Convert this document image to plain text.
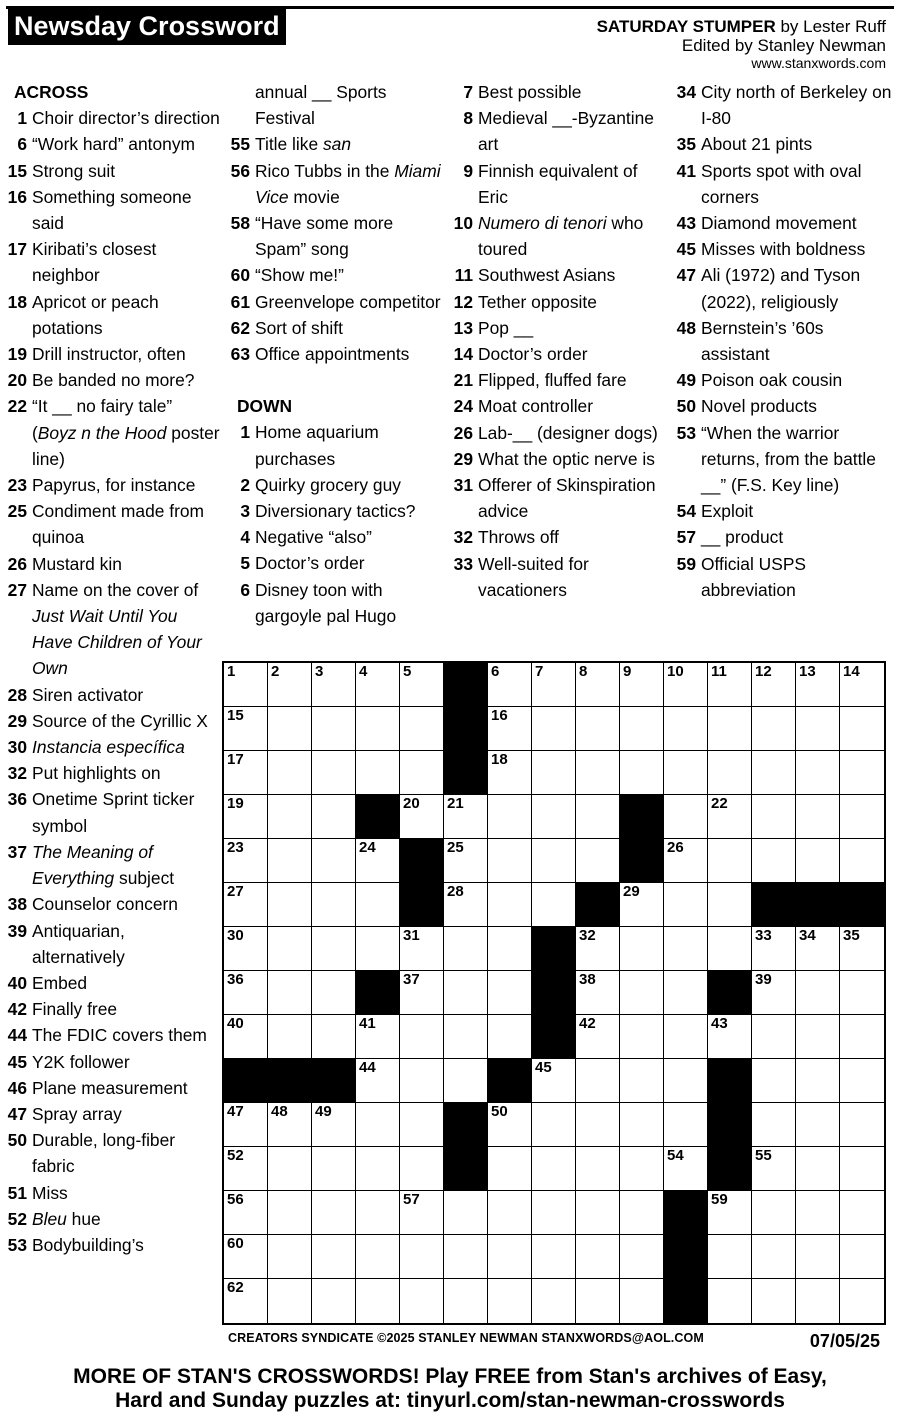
Newsday Crossword	SATURDAY STUMPER by Lester Ruff
Edited by Stanley Newman
www.stanxwords.com
ACROSS
1 Choir director’s direction
6 “Work hard” antonym
15 Strong suit
16 Something someone said
17 Kiribati’s closest neighbor
18 Apricot or peach potations
19 Drill instructor, often
20 Be banded no more?
22 “It __ no fairy tale” (Boyz n the Hood poster line)
23 Papyrus, for instance
25 Condiment made from quinoa
26 Mustard kin
27 Name on the cover of Just Wait Until You Have Children of Your Own
28 Siren activator
29 Source of the Cyrillic X
30 Instancia específica
32 Put highlights on
36 Onetime Sprint ticker symbol
37 The Meaning of Everything subject
38 Counselor concern
39 Antiquarian, alternatively
40 Embed
42 Finally free
44 The FDIC covers them
45 Y2K follower
46 Plane measurement
47 Spray array
50 Durable, long-fiber fabric
51 Miss
52 Bleu hue
53 Bodybuilding’s
annual __ Sports Festival
55 Title like san
56 Rico Tubbs in the Miami Vice movie
58 “Have some more Spam” song
60 “Show me!”
61 Greenvelope competitor
62 Sort of shift
63 Office appointments
DOWN
1 Home aquarium purchases
2 Quirky grocery guy
3 Diversionary tactics?
4 Negative “also”
5 Doctor’s order
6 Disney toon with gargoyle pal Hugo
7 Best possible
8 Medieval __-Byzantine art
9 Finnish equivalent of Eric
10 Numero di tenori who toured
11 Southwest Asians
12 Tether opposite
13 Pop __
14 Doctor’s order
21 Flipped, fluffed fare
24 Moat controller
26 Lab-__ (designer dogs)
29 What the optic nerve is
31 Offerer of Skinspiration advice
32 Throws off
33 Well-suited for vacationers
34 City north of Berkeley on I-80
35 About 21 pints
41 Sports spot with oval corners
43 Diamond movement
45 Misses with boldness
47 Ali (1972) and Tyson (2022), religiously
48 Bernstein’s ’60s assistant
49 Poison oak cousin
50 Novel products
53 “When the warrior returns, from the battle __” (F.S. Key line)
54 Exploit
57 __ product
59 Official USPS abbreviation
1 2 3 4 5	6 7 8 9 10 11 12 13 14
15	16
17	18
19	20 21	22
23	24	25	26
27	28	29
30	31	32	33 34 35
36	37	38	39
40	41	42	43
44	45	46
47 48 49	50	51
52	53	54	55
56	57	58 59
60	61
62	63
CREATORS SYNDICATE ©2025 STANLEY NEWMAN STANXWORDS@AOL.COM	07/05/25
MORE OF STAN'S CROSSWORDS! Play FREE from Stan's archives of Easy,
Hard and Sunday puzzles at: tinyurl.com/stan-newman-crosswords
